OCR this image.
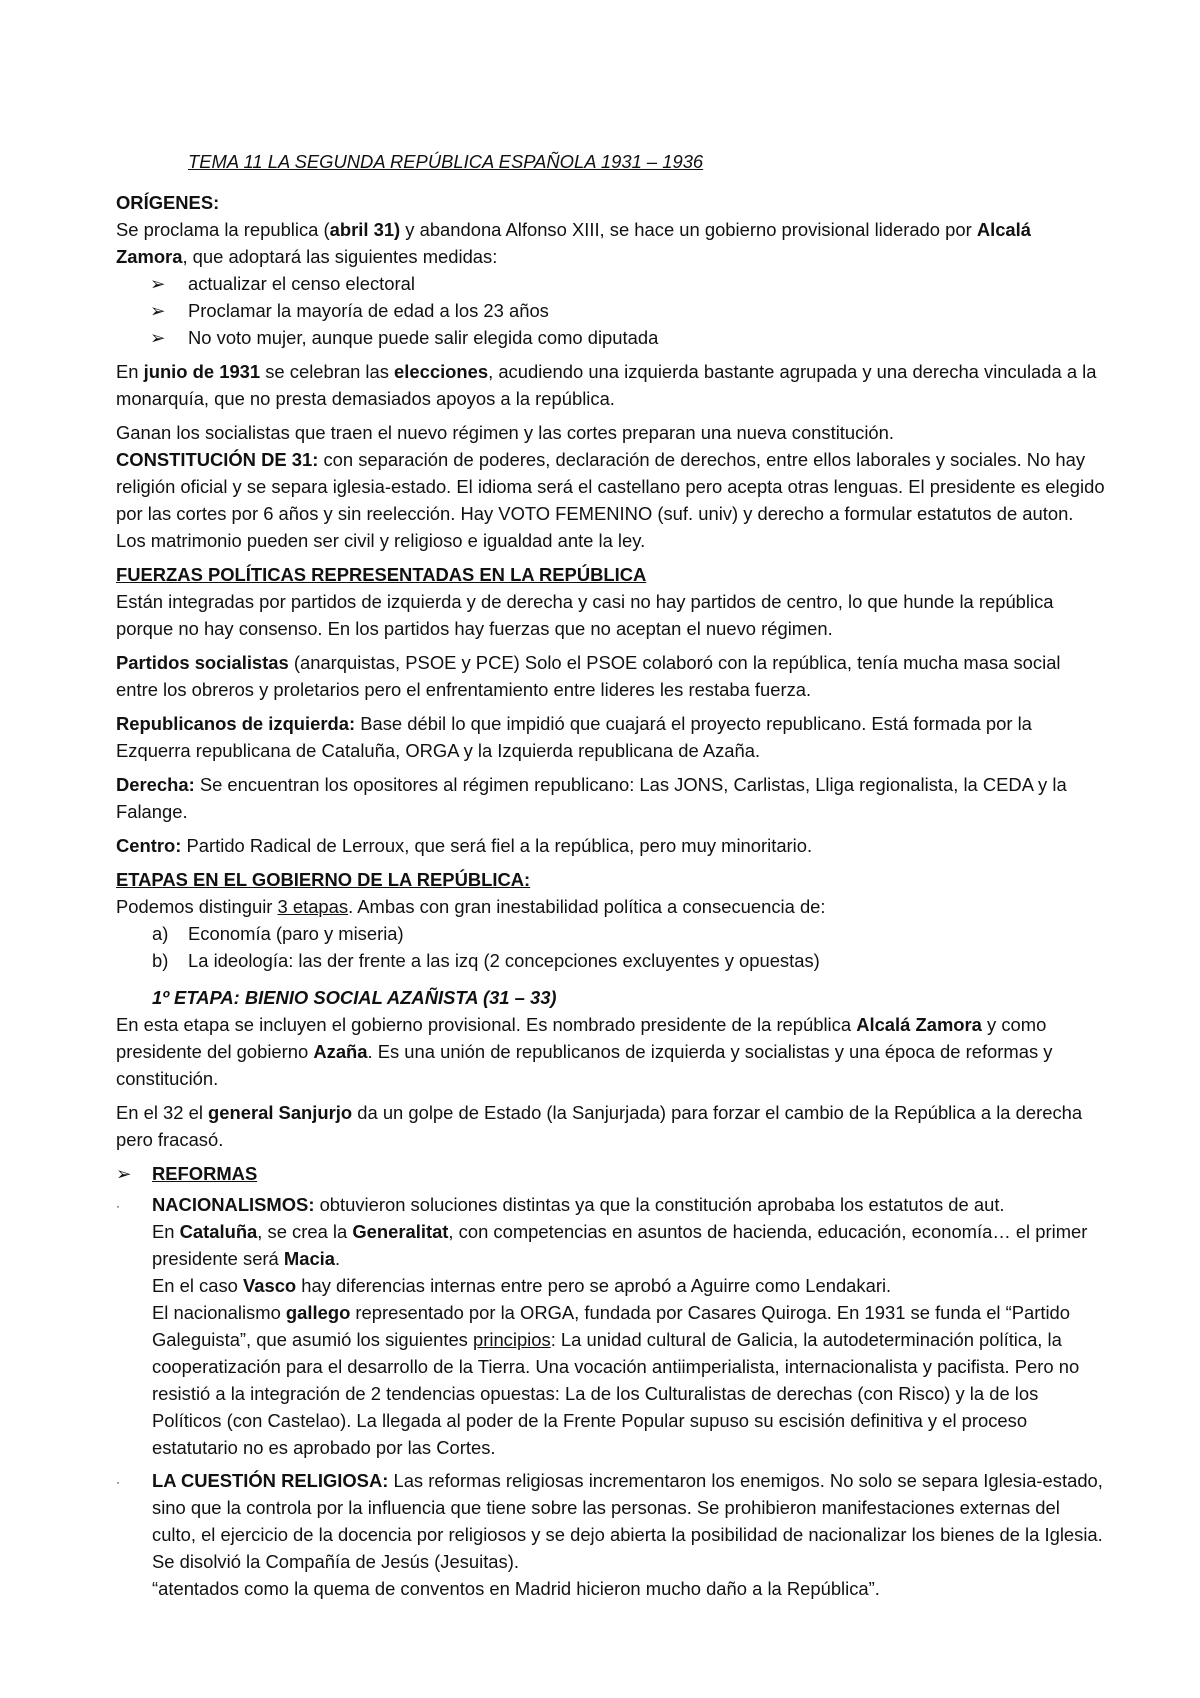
TEMA 11 LA SEGUNDA REPÚBLICA ESPAÑOLA 1931 – 1936
ORÍGENES:

Se proclama la republica (abril 31) y abandona Alfonso XIII, se hace un gobierno provisional liderado por Alcalá Zamora, que adoptará las siguientes medidas:

➢ actualizar el censo electoral
➢ Proclamar la mayoría de edad a los 23 años
➢ No voto mujer, aunque puede salir elegida como diputada

En junio de 1931 se celebran las elecciones, acudiendo una izquierda bastante agrupada y una derecha vinculada a la monarquía, que no presta demasiados apoyos a la república.

Ganan los socialistas que traen el nuevo régimen y las cortes preparan una nueva constitución.

CONSTITUCIÓN DE 31: con separación de poderes, declaración de derechos, entre ellos laborales y sociales. No hay religión oficial y se separa iglesia-estado. El idioma será el castellano pero acepta otras lenguas. El presidente es elegido por las cortes por 6 años y sin reelección. Hay VOTO FEMENINO (suf. univ) y derecho a formular estatutos de auton. Los matrimonio pueden ser civil y religioso e igualdad ante la ley.

FUERZAS POLÍTICAS REPRESENTADAS EN LA REPÚBLICA

Están integradas por partidos de izquierda y de derecha y casi no hay partidos de centro, lo que hunde la república porque no hay consenso. En los partidos hay fuerzas que no aceptan el nuevo régimen.

Partidos socialistas (anarquistas, PSOE y PCE) Solo el PSOE colaboró con la república, tenía mucha masa social entre los obreros y proletarios pero el enfrentamiento entre lideres les restaba fuerza.

Republicanos de izquierda: Base débil lo que impidió que cuajará el proyecto republicano. Está formada por la Ezquerra republicana de Cataluña, ORGA y la Izquierda republicana de Azaña.

Derecha: Se encuentran los opositores al régimen republicano: Las JONS, Carlistas, Lliga regionalista, la CEDA y la Falange.

Centro: Partido Radical de Lerroux, que será fiel a la república, pero muy minoritario.

ETAPAS EN EL GOBIERNO DE LA REPÚBLICA:

Podemos distinguir 3 etapas. Ambas con gran inestabilidad política a consecuencia de:

a) Economía (paro y miseria)
b) La ideología: las der frente a las izq (2 concepciones excluyentes y opuestas)
1º ETAPA: BIENIO SOCIAL AZAÑISTA (31 – 33)

En esta etapa se incluyen el gobierno provisional. Es nombrado presidente de la república Alcalá Zamora y como presidente del gobierno Azaña. Es una unión de republicanos de izquierda y socialistas y una época de reformas y constitución.

En el 32 el general Sanjurjo da un golpe de Estado (la Sanjurjada) para forzar el cambio de la República a la derecha pero fracasó.

➢ REFORMAS
· NACIONALISMOS: obtuvieron soluciones distintas ya que la constitución aprobaba los estatutos de aut.

En Cataluña, se crea la Generalitat, con competencias en asuntos de hacienda, educación, economía… el primer presidente será Macia.

En el caso Vasco hay diferencias internas entre pero se aprobó a Aguirre como Lendakari.

El nacionalismo gallego representado por la ORGA, fundada por Casares Quiroga. En 1931 se funda el “Partido Galeguista”, que asumió los siguientes principios: La unidad cultural de Galicia, la autodeterminación política, la cooperatización para el desarrollo de la Tierra. Una vocación antiimperialista, internacionalista y pacifista. Pero no resistió a la integración de 2 tendencias opuestas: La de los Culturalistas de derechas (con Risco) y la de los Políticos (con Castelao). La llegada al poder de la Frente Popular supuso su escisión definitiva y el proceso estatutario no es aprobado por las Cortes.

· LA CUESTIÓN RELIGIOSA: Las reformas religiosas incrementaron los enemigos. No solo se separa Iglesia-estado, sino que la controla por la influencia que tiene sobre las personas. Se prohibieron manifestaciones externas del culto, el ejercicio de la docencia por religiosos y se dejo abierta la posibilidad de nacionalizar los bienes de la Iglesia. Se disolvió la Compañía de Jesús (Jesuitas).

“atentados como la quema de conventos en Madrid hicieron mucho daño a la República”.
